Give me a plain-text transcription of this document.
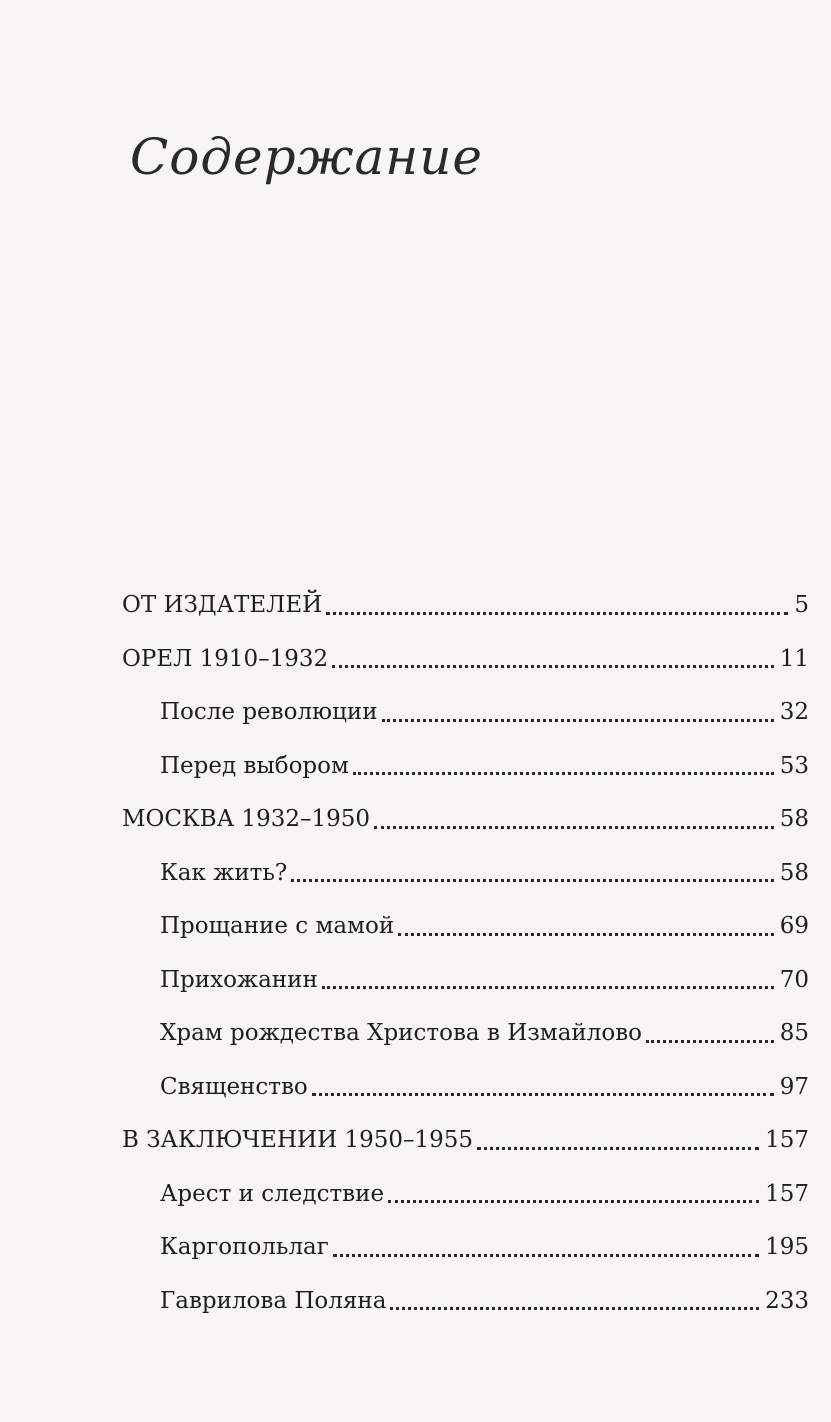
Содержание
ОТ ИЗДАТЕЛЕЙ	5
ОРЕЛ 1910–1932	11
После революции	32
Перед выбором	53
МОСКВА 1932–1950	58
Как жить?	58
Прощание с мамой	69
Прихожанин	70
Храм рождества Христова в Измайлово	85
Священство	97
В ЗАКЛЮЧЕНИИ 1950–1955	157
Арест и следствие	157
Каргопольлаг	195
Гаврилова Поляна	233
